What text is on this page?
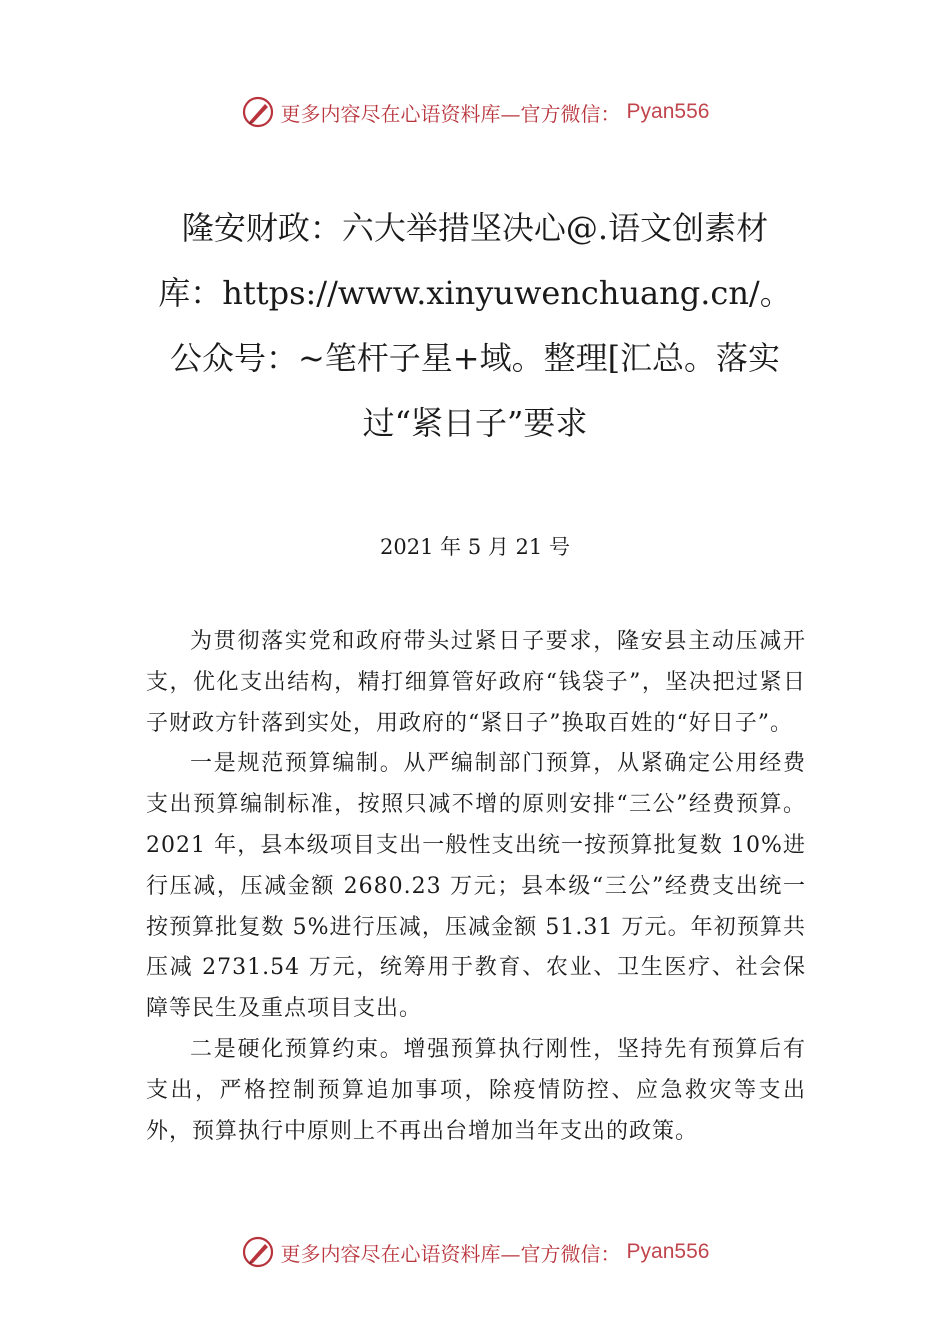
更多内容尽在心语资料库—官方微信： Pyan556
隆安财政：六大举措坚决心@.语文创素材库：https://www.xinyuwenchuang.cn/。公众号：~笔杆子星+域。整理[汇总。落实过“紧日子”要求

2021 年 5 月 21 号

为贯彻落实党和政府带头过紧日子要求，隆安县主动压减开支，优化支出结构，精打细算管好政府“钱袋子”，坚决把过紧日子财政方针落到实处，用政府的“紧日子”换取百姓的“好日子”。

一是规范预算编制。从严编制部门预算，从紧确定公用经费支出预算编制标准，按照只减不增的原则安排“三公”经费预算。2021 年，县本级项目支出一般性支出统一按预算批复数 10%进行压减，压减金额 2680.23 万元；县本级“三公”经费支出统一按预算批复数 5%进行压减，压减金额 51.31 万元。年初预算共压减 2731.54 万元，统筹用于教育、农业、卫生医疗、社会保障等民生及重点项目支出。

二是硬化预算约束。增强预算执行刚性，坚持先有预算后有支出，严格控制预算追加事项，除疫情防控、应急救灾等支出外，预算执行中原则上不再出台增加当年支出的政策。

更多内容尽在心语资料库—官方微信： Pyan556
